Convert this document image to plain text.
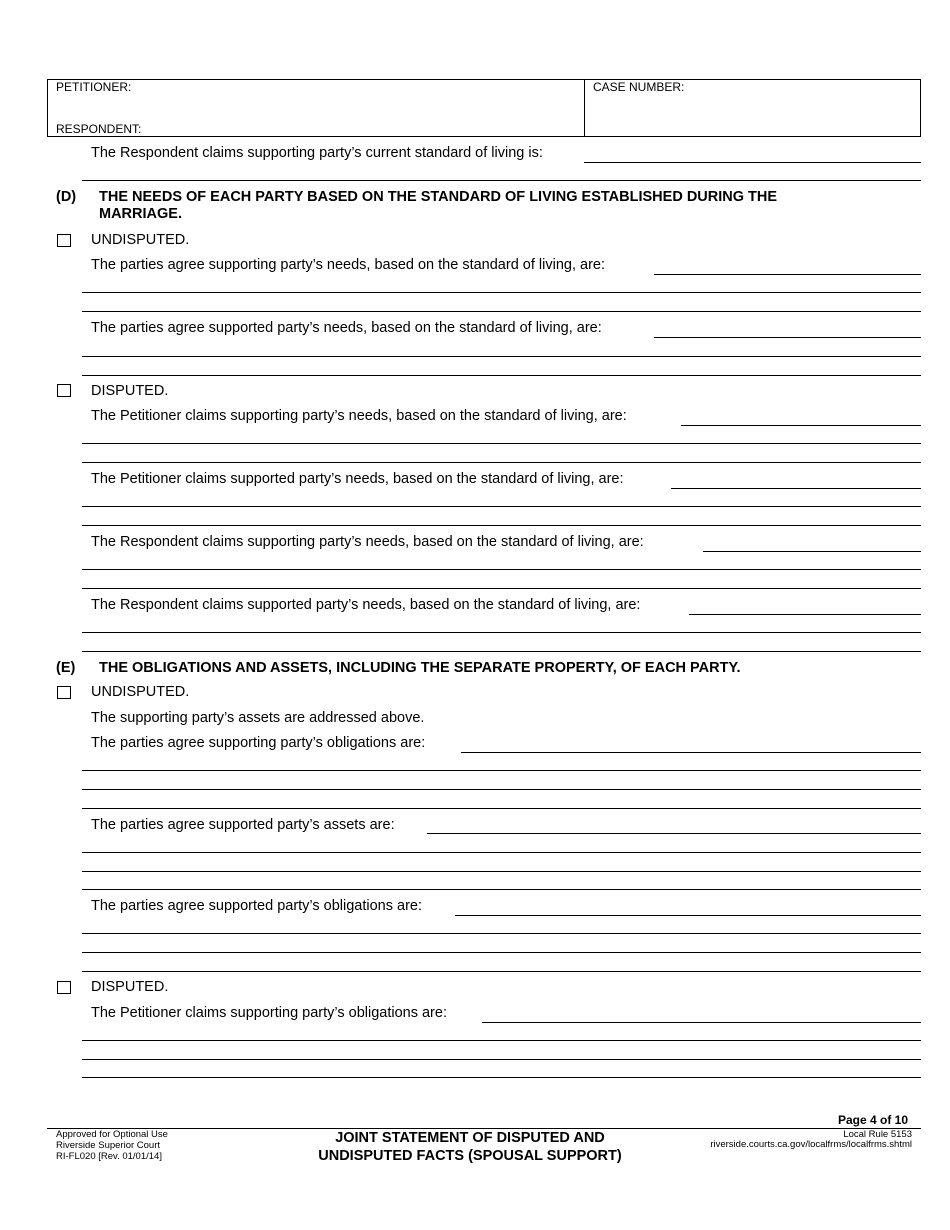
PETITIONER:
RESPONDENT:
CASE NUMBER:
The Respondent claims supporting party’s current standard of living is:
(D) THE NEEDS OF EACH PARTY BASED ON THE STANDARD OF LIVING ESTABLISHED DURING THE
MARRIAGE.
UNDISPUTED.
The parties agree supporting party’s needs, based on the standard of living, are:
The parties agree supported party’s needs, based on the standard of living, are:
DISPUTED.
The Petitioner claims supporting party’s needs, based on the standard of living, are:
The Petitioner claims supported party’s needs, based on the standard of living, are:
The Respondent claims supporting party’s needs, based on the standard of living, are:
The Respondent claims supported party’s needs, based on the standard of living, are:
(E) THE OBLIGATIONS AND ASSETS, INCLUDING THE SEPARATE PROPERTY, OF EACH PARTY.
UNDISPUTED.
The supporting party’s assets are addressed above.
The parties agree supporting party’s obligations are:
The parties agree supported party’s assets are:
The parties agree supported party’s obligations are:
DISPUTED.
The Petitioner claims supporting party’s obligations are:
Page 4 of 10
Approved for Optional Use
Riverside Superior Court
RI-FL020 [Rev. 01/01/14]
JOINT STATEMENT OF DISPUTED AND
UNDISPUTED FACTS (SPOUSAL SUPPORT)
Local Rule 5153
riverside.courts.ca.gov/localfrms/localfrms.shtml
